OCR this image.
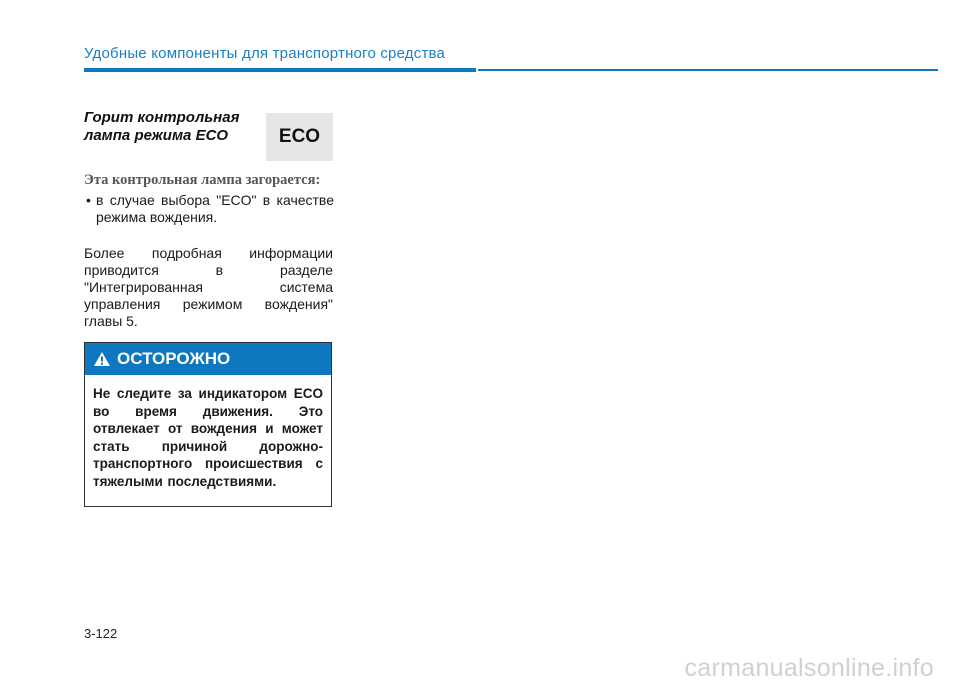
Удобные компоненты для транспортного средства
Горит контрольная лампа режима ECO	ECO
Эта контрольная лампа загорается:
• в случае выбора "ECO" в качестве режима вождения.
Более подробная информации приводится в разделе "Интегрированная система управления режимом вождения" главы 5.
ОСТОРОЖНО
Не следите за индикатором ECO во время движения. Это отвлекает от вождения и может стать причиной дорожно-транспортного происшествия с тяжелыми последствиями.
3-122
carmanualsonline.info
